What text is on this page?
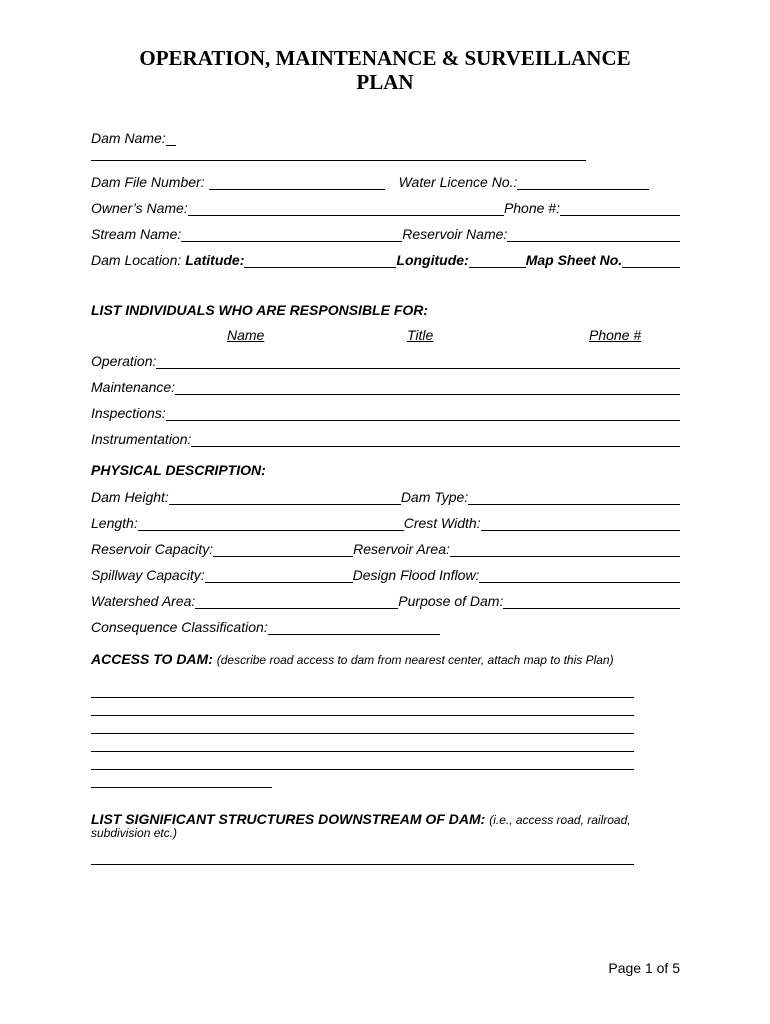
OPERATION, MAINTENANCE & SURVEILLANCE
PLAN
Dam Name:
Dam File Number:	Water Licence No.:
Owner’s Name:	Phone #:
Stream Name:	Reservoir Name:
Dam Location: Latitude:	Longitude:	Map Sheet No.
LIST INDIVIDUALS WHO ARE RESPONSIBLE FOR:
Name	Title	Phone #
Operation:
Maintenance:
Inspections:
Instrumentation:
PHYSICAL DESCRIPTION:
Dam Height:	Dam Type:
Length:	Crest Width:
Reservoir Capacity:	Reservoir Area:
Spillway Capacity:	Design Flood Inflow:
Watershed Area:	Purpose of Dam:
Consequence Classification:
ACCESS TO DAM: (describe road access to dam from nearest center, attach map to this Plan)
LIST SIGNIFICANT STRUCTURES DOWNSTREAM OF DAM: (i.e., access road, railroad,
subdivision etc.)
Page 1 of 5
